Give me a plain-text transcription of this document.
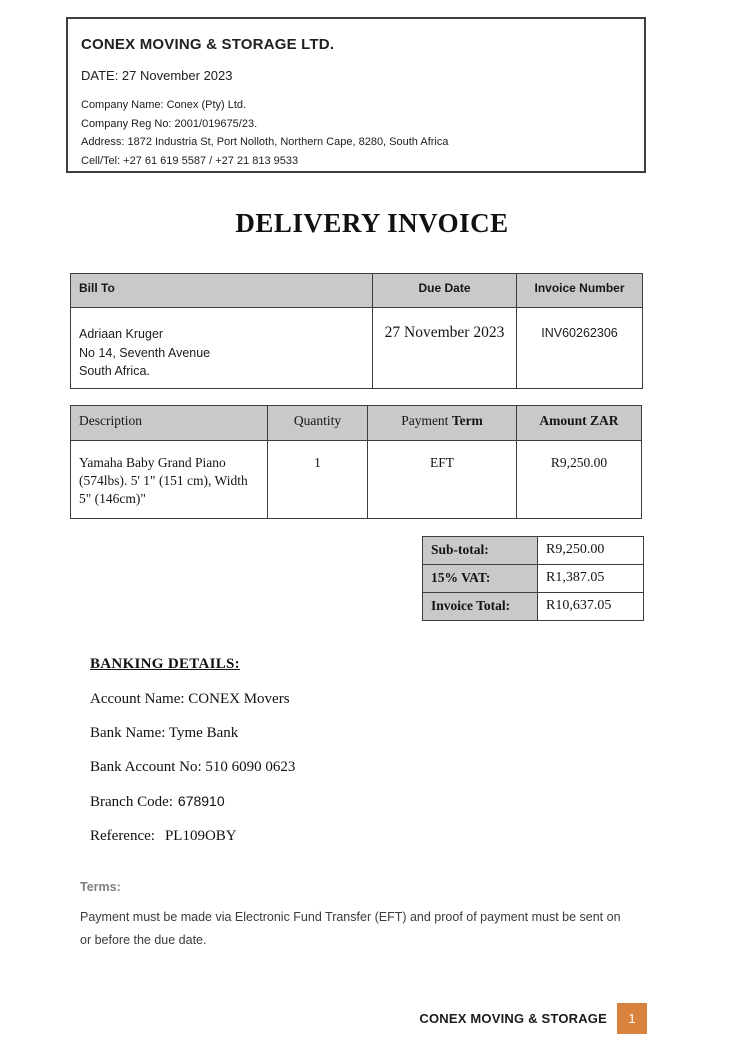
CONEX MOVING & STORAGE LTD.
DATE: 27 November 2023
Company Name: Conex (Pty) Ltd.
Company Reg No: 2001/019675/23.
Address: 1872 Industria St, Port Nolloth, Northern Cape, 8280, South Africa
Cell/Tel: +27 61 619 5587 / +27 21 813 9533
DELIVERY INVOICE
Bill To	Due Date	Invoice Number

Adriaan Kruger
No 14, Seventh Avenue
South Africa.	27 November 2023	INV60262306
Description	Quantity	Payment Term	Amount ZAR
Yamaha Baby Grand Piano (574lbs). 5' 1" (151 cm), Width 5" (146cm)"	1	EFT	R9,250.00
Sub-total:	R9,250.00
15% VAT:	R1,387.05
Invoice Total:	R10,637.05
BANKING DETAILS:

Account Name: CONEX Movers

Bank Name: Tyme Bank

Bank Account No: 510 6090 0623

Branch Code: 678910

Reference: PL109OBY

Terms:

Payment must be made via Electronic Fund Transfer (EFT) and proof of payment must be sent on or before the due date.

CONEX MOVING & STORAGE	1
